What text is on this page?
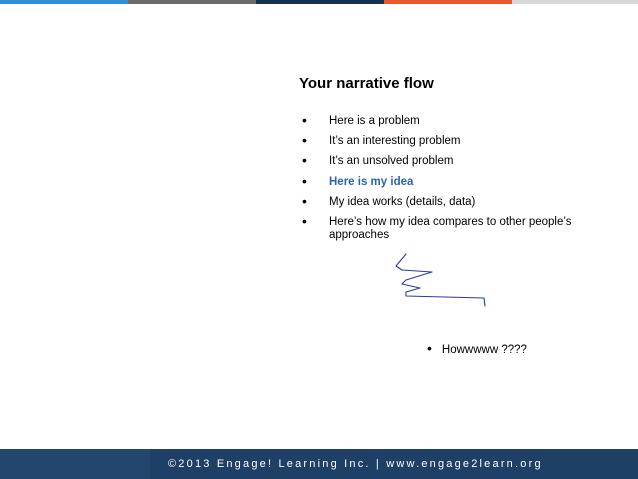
Your narrative flow
• Here is a problem
• It’s an interesting problem
• It’s an unsolved problem
• Here is my idea
• My idea works (details, data)
• Here’s how my idea compares to other people’s approaches
• Howwwww ????
©2013 Engage! Learning Inc. | www.engage2learn.org
